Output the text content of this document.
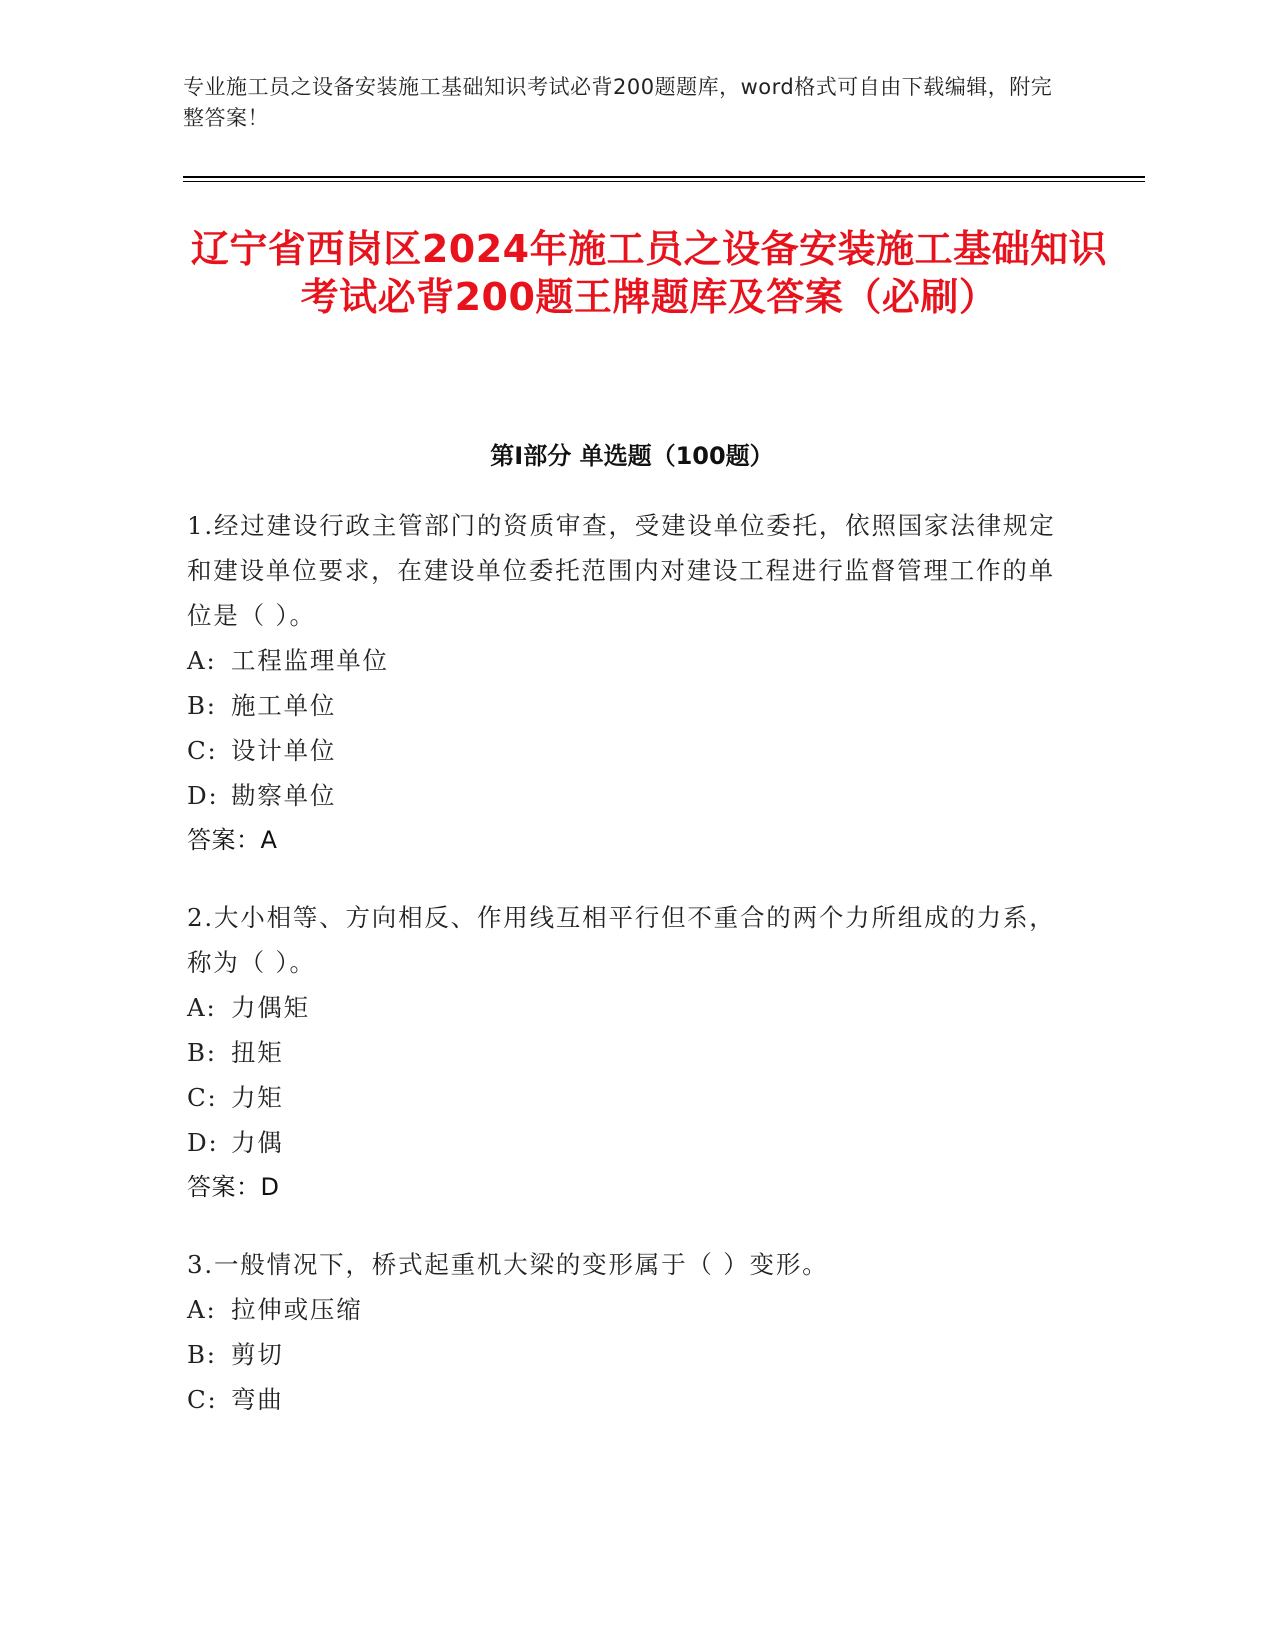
专业施工员之设备安装施工基础知识考试必背200题题库，word格式可自由下载编辑，附完整答案！
辽宁省西岗区2024年施工员之设备安装施工基础知识考试必背200题王牌题库及答案（必刷）
第I部分 单选题（100题）

1.经过建设行政主管部门的资质审查，受建设单位委托，依照国家法律规定和建设单位要求，在建设单位委托范围内对建设工程进行监督管理工作的单位是（ ）。

A: 工程监理单位

B: 施工单位

C: 设计单位

D: 勘察单位

答案：A

2.大小相等、方向相反、作用线互相平行但不重合的两个力所组成的力系，称为（ ）。

A: 力偶矩

B: 扭矩

C: 力矩

D: 力偶

答案：D

3.一般情况下，桥式起重机大梁的变形属于（ ）变形。

A: 拉伸或压缩

B: 剪切

C: 弯曲
